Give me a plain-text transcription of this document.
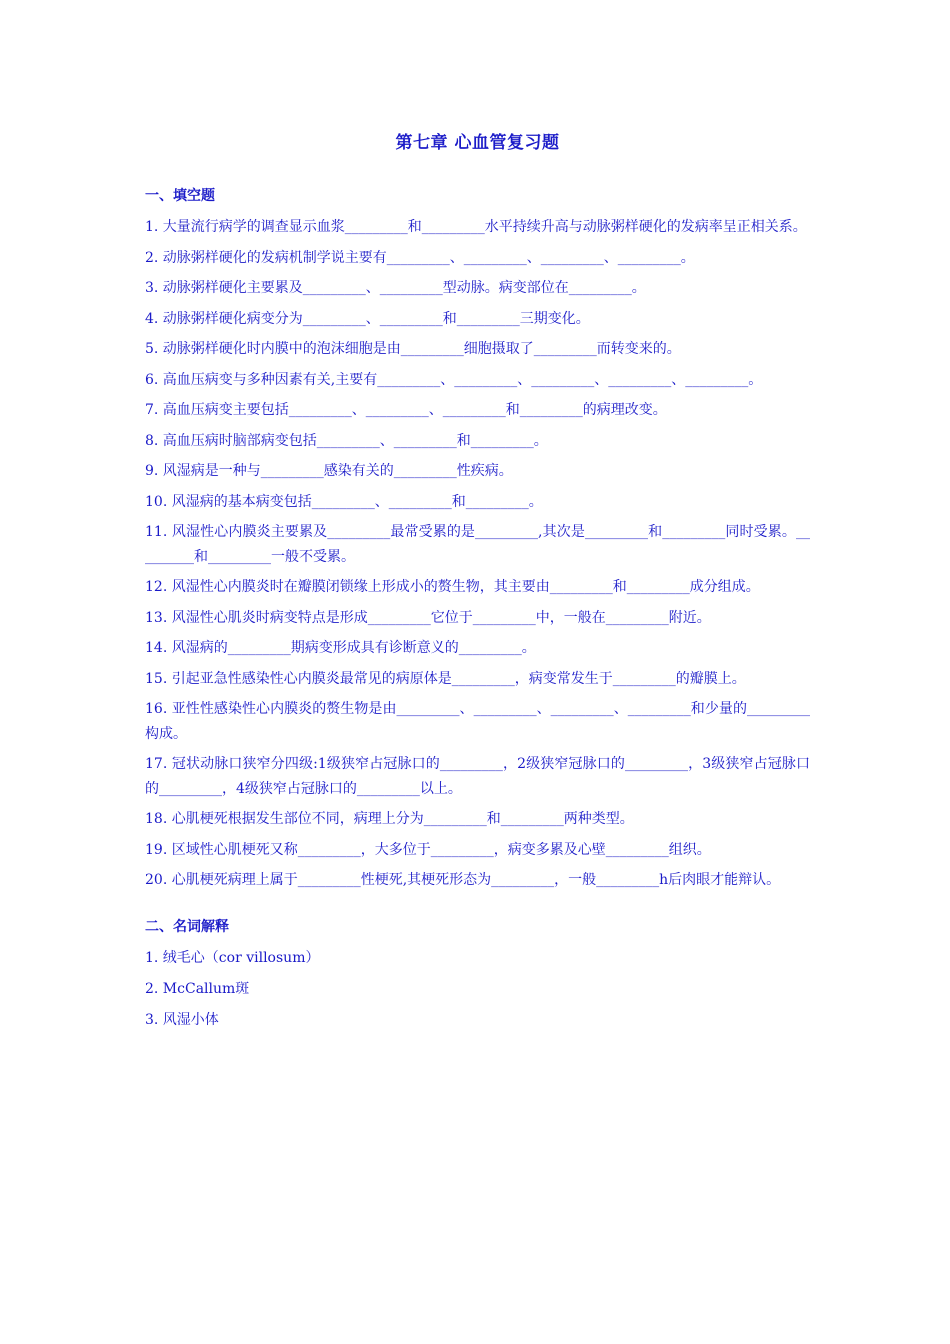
第七章 心血管复习题
一、填空题
1. 大量流行病学的调查显示血浆_________和_________水平持续升高与动脉粥样硬化的发病率呈正相关系。
2. 动脉粥样硬化的发病机制学说主要有_________、_________、_________、_________。
3. 动脉粥样硬化主要累及_________、_________型动脉。病变部位在_________。
4. 动脉粥样硬化病变分为_________、_________和_________三期变化。
5. 动脉粥样硬化时内膜中的泡沫细胞是由_________细胞摄取了_________而转变来的。
6. 高血压病变与多种因素有关,主要有_________、_________、_________、_________、_________。
7. 高血压病变主要包括_________、_________、_________和_________的病理改变。
8. 高血压病时脑部病变包括_________、_________和_________。
9. 风湿病是一种与_________感染有关的_________性疾病。
10. 风湿病的基本病变包括_________、_________和_________。
11. 风湿性心内膜炎主要累及_________最常受累的是_________,其次是_________和_________同时受累。_________和_________一般不受累。
12. 风湿性心内膜炎时在瓣膜闭锁缘上形成小的赘生物，其主要由_________和_________成分组成。
13. 风湿性心肌炎时病变特点是形成_________它位于_________中，一般在_________附近。
14. 风湿病的_________期病变形成具有诊断意义的_________。
15. 引起亚急性感染性心内膜炎最常见的病原体是_________，病变常发生于_________的瓣膜上。
16. 亚性性感染性心内膜炎的赘生物是由_________、_________、_________、_________和少量的_________构成。
17. 冠状动脉口狭窄分四级:1级狭窄占冠脉口的_________，2级狭窄冠脉口的_________，3级狭窄占冠脉口的_________，4级狭窄占冠脉口的_________以上。
18. 心肌梗死根据发生部位不同，病理上分为_________和_________两种类型。
19. 区域性心肌梗死又称_________，大多位于_________，病变多累及心壁_________组织。
20. 心肌梗死病理上属于_________性梗死,其梗死形态为_________，一般_________h后肉眼才能辩认。
二、名词解释
1. 绒毛心（cor villosum）
2. McCallum斑
3. 风湿小体
